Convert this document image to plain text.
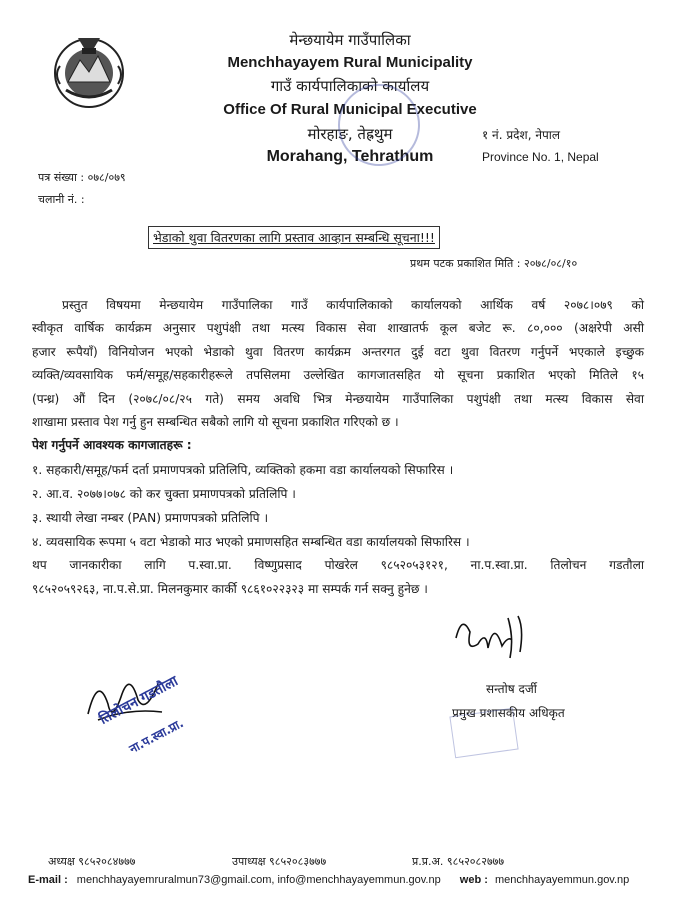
मेन्छयायेम गाउँपालिका
Menchhayayem Rural Municipality
गाउँ कार्यपालिकाको कार्यालय
Office Of Rural Municipal Executive
मोरहाङ, तेह्रथुम
Morahang, Tehrathum
१ नं. प्रदेश, नेपाल
Province No. 1, Nepal
पत्र संख्या : ०७८/०७९
चलानी नं. :
भेडाको थुवा वितरणका लागि प्रस्ताव आव्हान सम्बन्धि सूचना!!!
प्रथम पटक प्रकाशित मिति : २०७८/०८/१०
प्रस्तुत विषयमा मेन्छयायेम गाउँपालिका गाउँ कार्यपालिकाको कार्यालयको आर्थिक वर्ष २०७८।०७९ को
स्वीकृत वार्षिक कार्यक्रम अनुसार पशुपंक्षी तथा मत्स्य विकास सेवा शाखातर्फ कूल बजेट रू. ८०,००० (अक्षरेपी असी
हजार रूपैयाँ) विनियोजन भएको भेडाको थुवा वितरण कार्यक्रम अन्तरगत दुई वटा थुवा वितरण गर्नुपर्ने भएकाले इच्छुक
व्यक्ति/व्यवसायिक फर्म/समूह/सहकारीहरूले तपसिलमा उल्लेखित कागजातसहित यो सूचना प्रकाशित भएको मितिले १५
(पन्ध्र) औं दिन (२०७८/०८/२५ गते) समय अवधि भित्र मेन्छयायेम गाउँपालिका पशुपंक्षी तथा मत्स्य विकास सेवा
शाखामा प्रस्ताव पेश गर्नु हुन सम्बन्धित सबैको लागि यो सूचना प्रकाशित गरिएको छ ।
पेश गर्नुपर्ने आवश्यक कागजातहरू :
१. सहकारी/समूह/फर्म दर्ता प्रमाणपत्रको प्रतिलिपि, व्यक्तिको हकमा वडा कार्यालयको सिफारिस ।
२. आ.व. २०७७।०७८ को कर चुक्ता प्रमाणपत्रको प्रतिलिपि ।
३. स्थायी लेखा नम्बर (PAN) प्रमाणपत्रको प्रतिलिपि ।
४. व्यवसायिक रूपमा ५ वटा भेडाको माउ भएको प्रमाणसहित सम्बन्धित वडा कार्यालयको सिफारिस ।
थप जानकारीका लागि प.स्वा.प्रा. विष्णुप्रसाद पोखरेल ९८५२०५३१२१, ना.प.स्वा.प्रा. तिलोचन गडतौला
९८५२०५९२६३, ना.प.से.प्रा. मिलनकुमार कार्की ९८६१०२२३२३ मा सम्पर्क गर्न सक्नु हुनेछ ।
सन्तोष दर्जी
प्रमुख प्रशासकीय अधिकृत
तिलोचन गडतौला
ना.प.स्वा.प्रा.
अध्यक्ष ९८५२०८४७७७	उपाध्यक्ष ९८५२०८३७७७	प्र.प्र.अ. ९८५२०८२७७७
E-mail : menchhayayemruralmun73@gmail.com, info@menchhayayemmun.gov.np web : menchhayayemmun.gov.np
